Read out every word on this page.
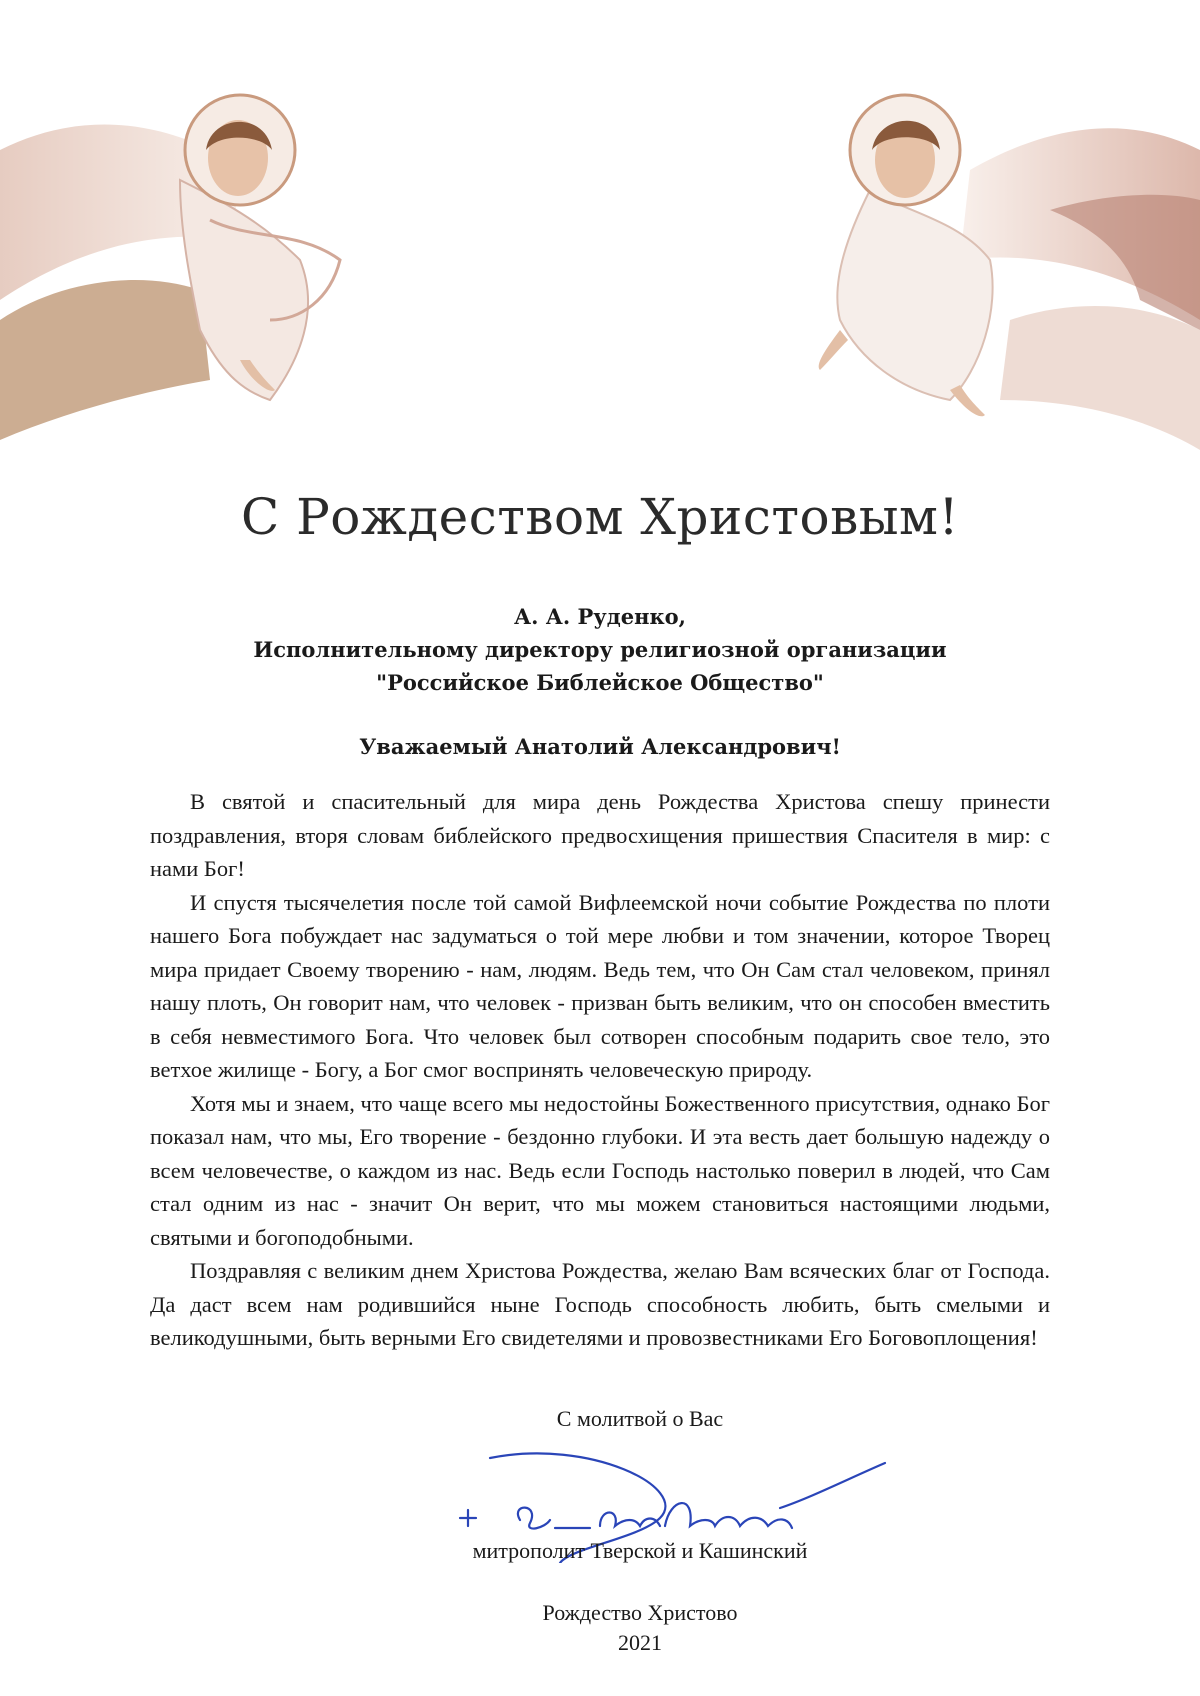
С Рождеством Христовым!
А. А. Руденко,
Исполнительному директору религиозной организации
"Российское Библейское Общество"
Уважаемый Анатолий Александрович!

В святой и спасительный для мира день Рождества Христова спешу принести поздравления, вторя словам библейского предвосхищения пришествия Спасителя в мир: с нами Бог!

И спустя тысячелетия после той самой Вифлеемской ночи событие Рождества по плоти нашего Бога побуждает нас задуматься о той мере любви и том значении, которое Творец мира придает Своему творению - нам, людям. Ведь тем, что Он Сам стал человеком, принял нашу плоть, Он говорит нам, что человек - призван быть великим, что он способен вместить в себя невместимого Бога. Что человек был сотворен способным подарить свое тело, это ветхое жилище - Богу, а Бог смог воспринять человеческую природу.

Хотя мы и знаем, что чаще всего мы недостойны Божественного присутствия, однако Бог показал нам, что мы, Его творение - бездонно глубоки. И эта весть дает большую надежду о всем человечестве, о каждом из нас. Ведь если Господь настолько поверил в людей, что Сам стал одним из нас - значит Он верит, что мы можем становиться настоящими людьми, святыми и богоподобными.

Поздравляя с великим днем Христова Рождества, желаю Вам всяческих благ от Господа. Да даст всем нам родившийся ныне Господь способность любить, быть смелыми и великодушными, быть верными Его свидетелями и провозвестниками Его Боговоплощения!

С молитвой о Вас
митрополит Тверской и Кашинский
Рождество Христово
2021
